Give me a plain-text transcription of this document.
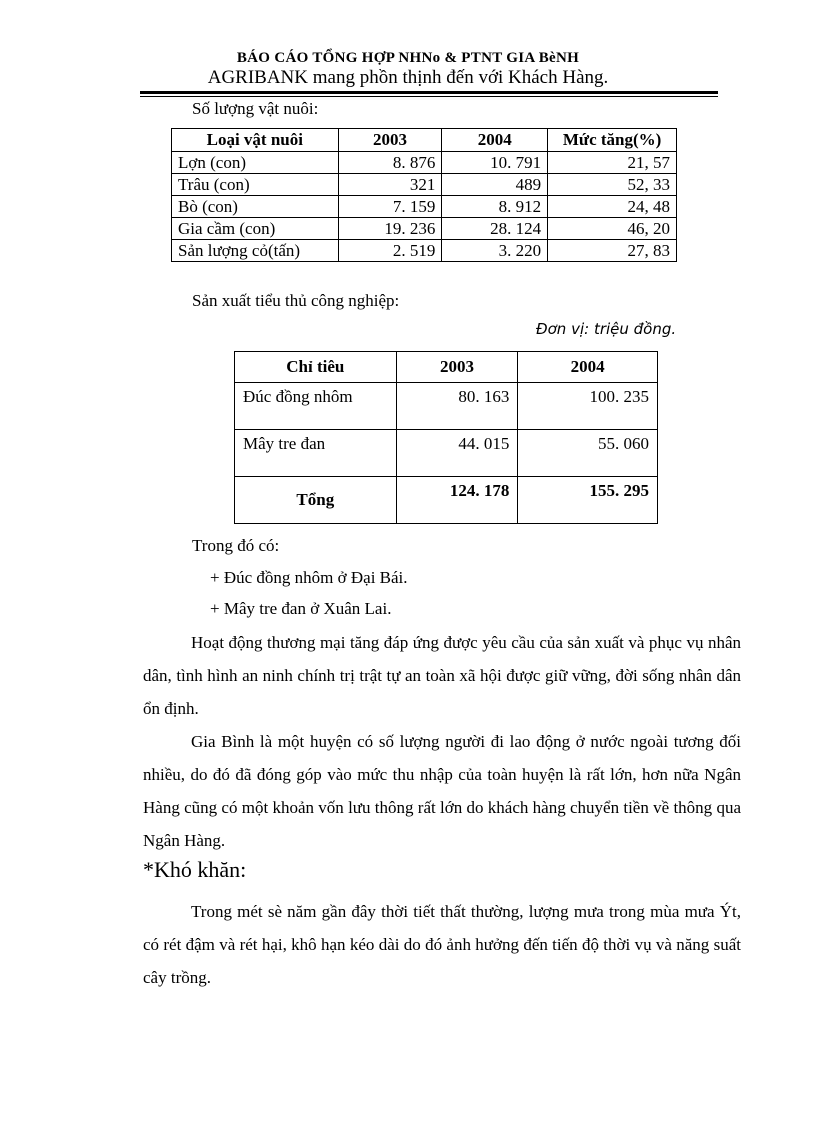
BÁO CÁO TỔNG HỢP NHNo & PTNT GIA BèNH
AGRIBANK mang phồn thịnh đến với Khách Hàng.
Số lượng vật nuôi:
Loại vật nuôi	2003	2004	Mức tăng(%)
Lợn (con)	8. 876	10. 791	21, 57
Trâu (con)	321	489	52, 33
Bò (con)	7. 159	8. 912	24, 48
Gia cầm (con)	19. 236	28. 124	46, 20
Sản lượng cỏ(tấn)	2. 519	3. 220	27, 83
Sản xuất tiểu thủ công nghiệp:
Đơn vị: triệu đồng.
Chỉ tiêu	2003	2004
Đúc đồng nhôm	80. 163	100. 235
Mây tre đan	44. 015	55. 060
Tổng	124. 178	155. 295
Trong đó có:
+ Đúc đồng nhôm ở Đại Bái.
+ Mây tre đan ở Xuân Lai.

Hoạt động thương mại tăng đáp ứng được yêu cầu của sản xuất và phục vụ nhân dân, tình hình an ninh chính trị trật tự an toàn xã hội được giữ vững, đời sống nhân dân ổn định.

Gia Bình là một huyện có số lượng người đi lao động ở nước ngoài tương đối nhiều, do đó đã đóng góp vào mức thu nhập của toàn huyện là rất lớn, hơn nữa Ngân Hàng cũng có một khoản vốn lưu thông rất lớn do khách hàng chuyển tiền về thông qua Ngân Hàng.

*Khó khăn:

Trong mét sè năm gần đây thời tiết thất thường, lượng mưa trong mùa mưa Ýt, có rét đậm và rét hại, khô hạn kéo dài do đó ảnh hưởng đến tiến độ thời vụ và năng suất cây trồng.
